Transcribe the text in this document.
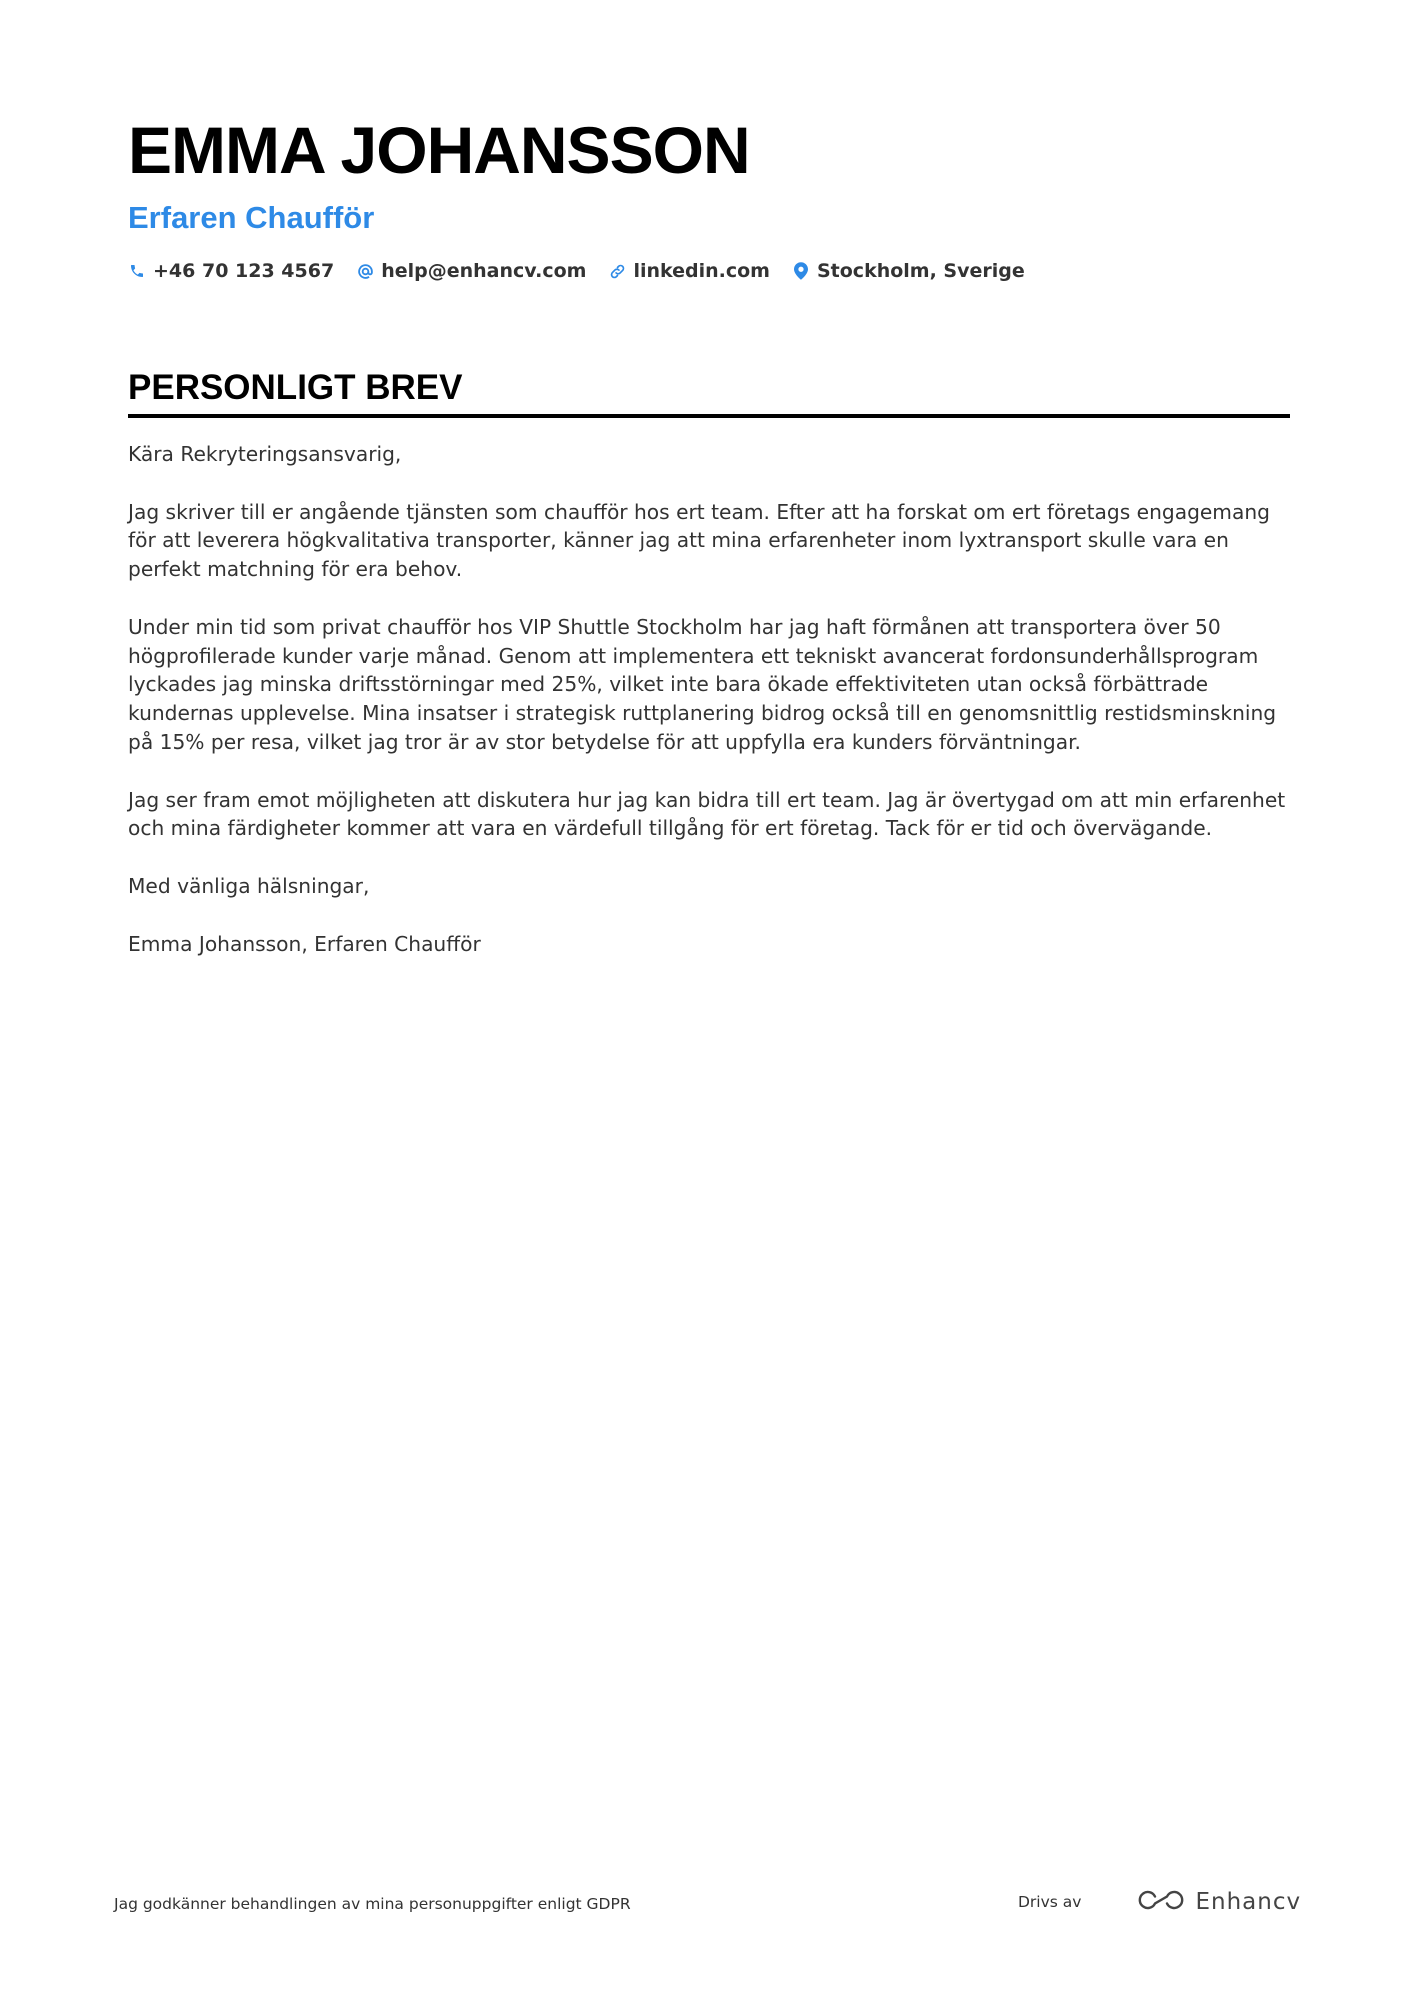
EMMA JOHANSSON
Erfaren Chaufför
+46 70 123 4567 help@enhancv.com linkedin.com Stockholm, Sverige
PERSONLIGT BREV

Kära Rekryteringsansvarig,

Jag skriver till er angående tjänsten som chaufför hos ert team. Efter att ha forskat om ert företags engagemang för att leverera högkvalitativa transporter, känner jag att mina erfarenheter inom lyxtransport skulle vara en perfekt matchning för era behov.

Under min tid som privat chaufför hos VIP Shuttle Stockholm har jag haft förmånen att transportera över 50 högprofilerade kunder varje månad. Genom att implementera ett tekniskt avancerat fordonsunderhållsprogram lyckades jag minska driftsstörningar med 25%, vilket inte bara ökade effektiviteten utan också förbättrade kundernas upplevelse. Mina insatser i strategisk ruttplanering bidrog också till en genomsnittlig restidsminskning på 15% per resa, vilket jag tror är av stor betydelse för att uppfylla era kunders förväntningar.

Jag ser fram emot möjligheten att diskutera hur jag kan bidra till ert team. Jag är övertygad om att min erfarenhet och mina färdigheter kommer att vara en värdefull tillgång för ert företag. Tack för er tid och övervägande.

Med vänliga hälsningar,

Emma Johansson, Erfaren Chaufför

Jag godkänner behandlingen av mina personuppgifter enligt GDPR	Drivs av	Enhancv
